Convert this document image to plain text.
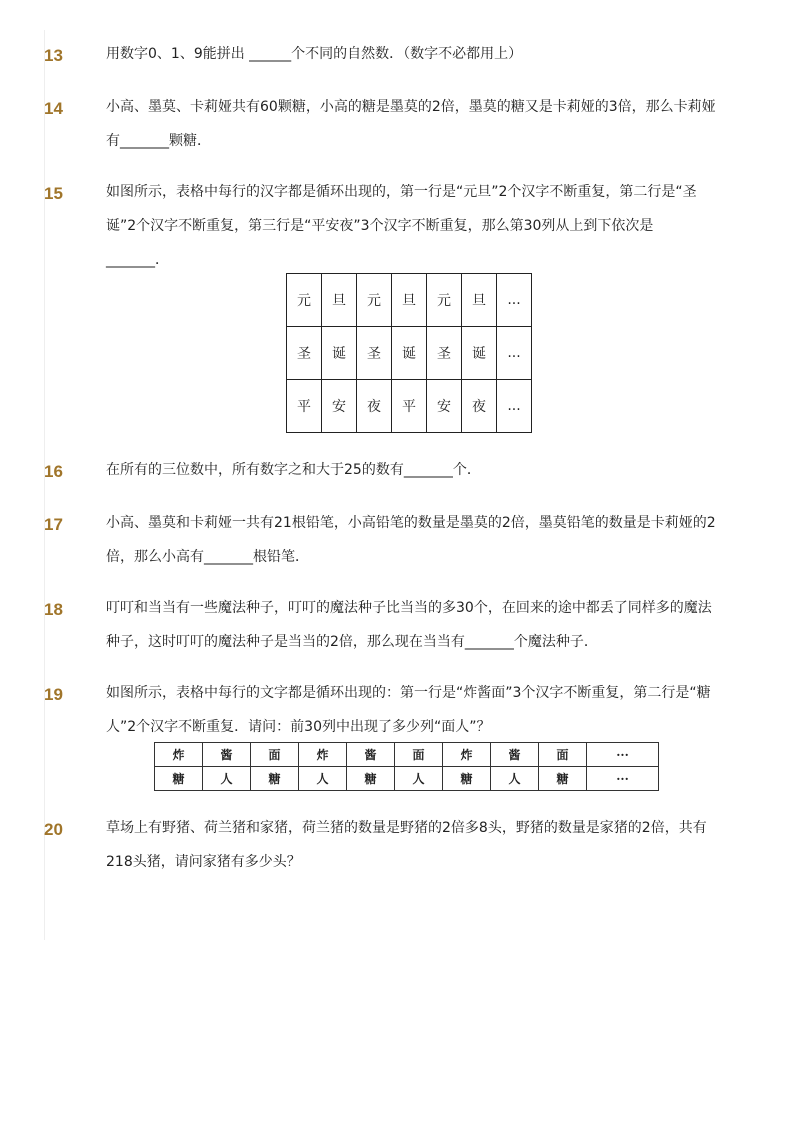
13	用数字0、1、9能拼出 ______个不同的自然数．（数字不必都用上）
14	小高、墨莫、卡莉娅共有60颗糖，小高的糖是墨莫的2倍，墨莫的糖又是卡莉娅的3倍，那么卡莉娅有_______颗糖．
15	如图所示，表格中每行的汉字都是循环出现的，第一行是“元旦”2个汉字不断重复，第二行是“圣诞”2个汉字不断重复，第三行是“平安夜”3个汉字不断重复，那么第30列从上到下依次是_______．
元	旦	元	旦	元	旦	...
圣	诞	圣	诞	圣	诞	...
平	安	夜	平	安	夜	...
16	在所有的三位数中，所有数字之和大于25的数有_______个．
17	小高、墨莫和卡莉娅一共有21根铅笔，小高铅笔的数量是墨莫的2倍，墨莫铅笔的数量是卡莉娅的2倍，那么小高有_______根铅笔．
18	叮叮和当当有一些魔法种子，叮叮的魔法种子比当当的多30个，在回来的途中都丢了同样多的魔法种子，这时叮叮的魔法种子是当当的2倍，那么现在当当有_______个魔法种子．
19	如图所示，表格中每行的文字都是循环出现的：第一行是“炸酱面”3个汉字不断重复，第二行是“糖人”2个汉字不断重复．请问：前30列中出现了多少列“面人”？
炸	酱	面	炸	酱	面	炸	酱	面	···
糖	人	糖	人	糖	人	糖	人	糖	···
20	草场上有野猪、荷兰猪和家猪，荷兰猪的数量是野猪的2倍多8头，野猪的数量是家猪的2倍，共有218头猪，请问家猪有多少头？
